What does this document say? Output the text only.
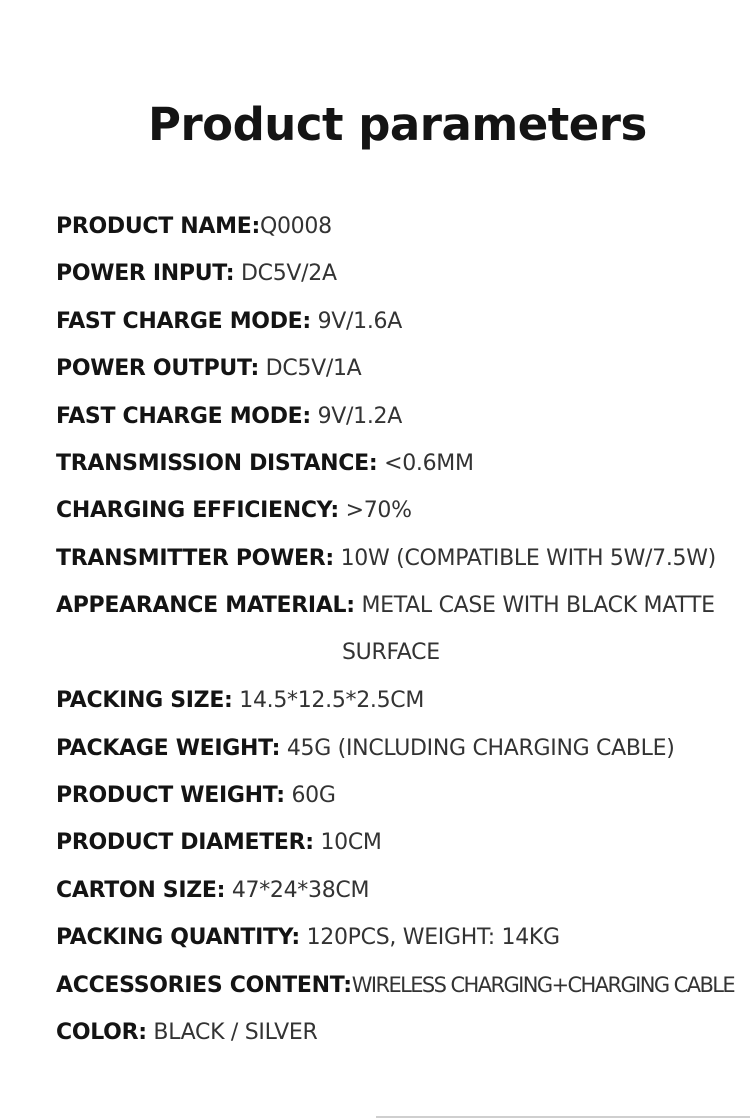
Product parameters
PRODUCT NAME:Q0008
POWER INPUT: DC5V/2A
FAST CHARGE MODE: 9V/1.6A
POWER OUTPUT: DC5V/1A
FAST CHARGE MODE: 9V/1.2A
TRANSMISSION DISTANCE: <0.6MM
CHARGING EFFICIENCY: >70%
TRANSMITTER POWER: 10W (COMPATIBLE WITH 5W/7.5W)
APPEARANCE MATERIAL: METAL CASE WITH BLACK MATTE
SURFACE
PACKING SIZE: 14.5*12.5*2.5CM
PACKAGE WEIGHT: 45G (INCLUDING CHARGING CABLE)
PRODUCT WEIGHT: 60G
PRODUCT DIAMETER: 10CM
CARTON SIZE: 47*24*38CM
PACKING QUANTITY: 120PCS, WEIGHT: 14KG
ACCESSORIES CONTENT:WIRELESS CHARGING+CHARGING CABLE
COLOR: BLACK / SILVER
